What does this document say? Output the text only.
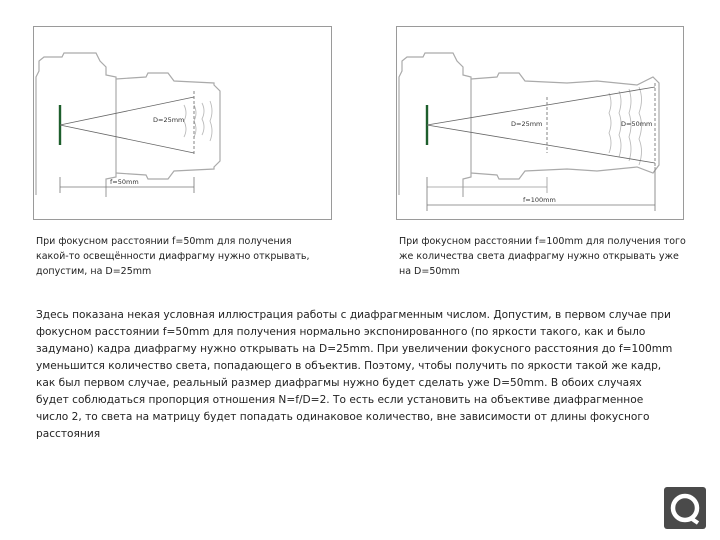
D=25mm
f=50mm
D=25mm	D=50mm
f=100mm
При фокусном расстоянии f=50mm для получения какой-то освещённости диафрагму нужно открывать, допустим, на D=25mm
При фокусном расстоянии f=100mm для получения того же количества света диафрагму нужно открывать уже на D=50mm
Здесь показана некая условная иллюстрация работы с диафрагменным числом. Допустим, в первом случае при фокусном расстоянии f=50mm для получения нормально экспонированного (по яркости такого, как и было задумано) кадра диафрагму нужно открывать на D=25mm. При увеличении фокусного расстояния до f=100mm уменьшится количество света, попадающего в объектив. Поэтому, чтобы получить по яркости такой же кадр, как был первом случае, реальный размер диафрагмы нужно будет сделать уже D=50mm. В обоих случаях будет соблюдаться пропорция отношения N=f/D=2. То есть если установить на объективе диафрагменное число 2, то света на матрицу будет попадать одинаковое количество, вне зависимости от длины фокусного расстояния
